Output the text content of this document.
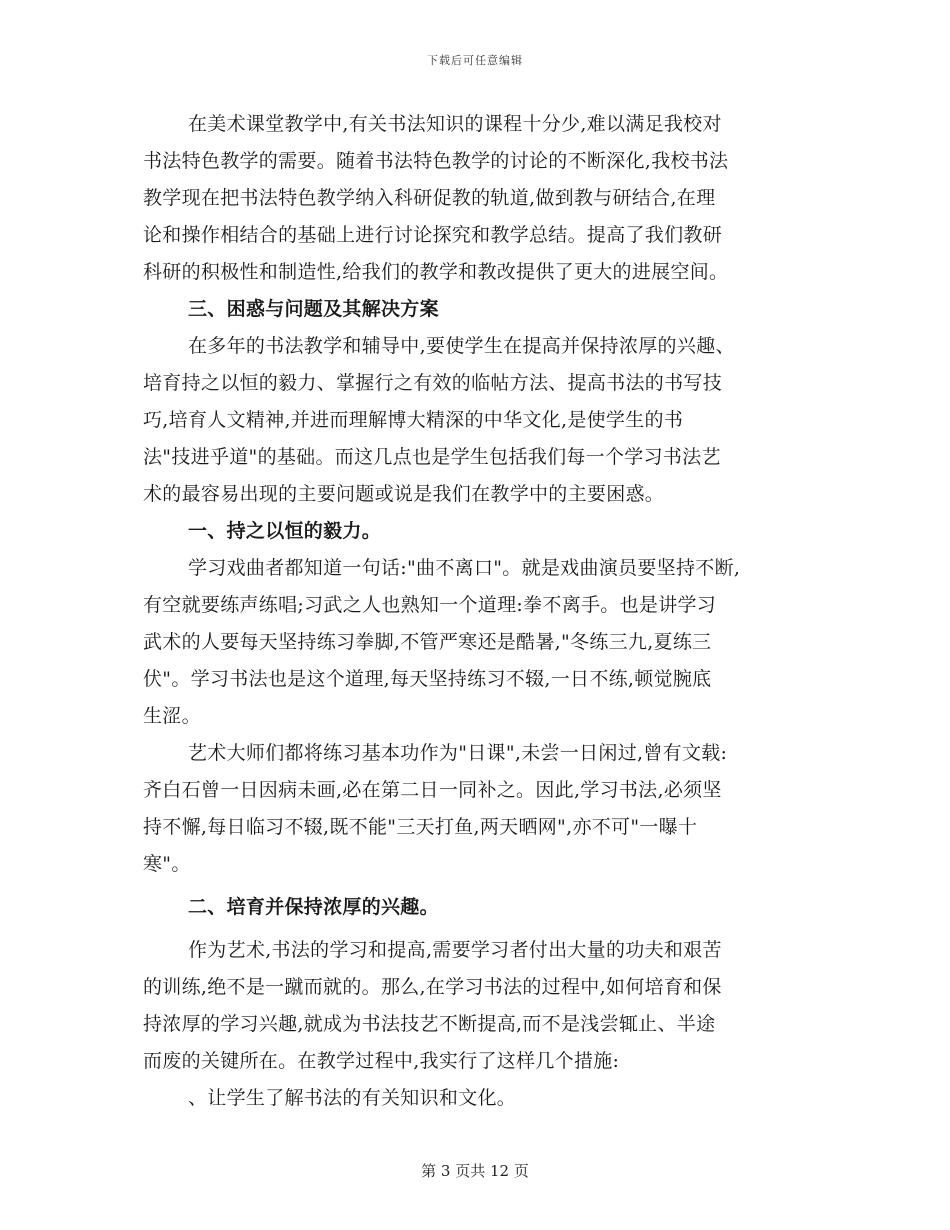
下载后可任意编辑
在美术课堂教学中,有关书法知识的课程十分少,难以满足我校对
书法特色教学的需要。随着书法特色教学的讨论的不断深化,我校书法
教学现在把书法特色教学纳入科研促教的轨道,做到教与研结合,在理
论和操作相结合的基础上进行讨论探究和教学总结。提高了我们教研
科研的积极性和制造性,给我们的教学和教改提供了更大的进展空间。
三、困惑与问题及其解决方案
在多年的书法教学和辅导中,要使学生在提高并保持浓厚的兴趣、
培育持之以恒的毅力、掌握行之有效的临帖方法、提高书法的书写技
巧,培育人文精神,并进而理解博大精深的中华文化,是使学生的书
法"技进乎道"的基础。而这几点也是学生包括我们每一个学习书法艺
术的最容易出现的主要问题或说是我们在教学中的主要困惑。
一、持之以恒的毅力。
学习戏曲者都知道一句话:"曲不离口"。就是戏曲演员要坚持不断,
有空就要练声练唱;习武之人也熟知一个道理:拳不离手。也是讲学习
武术的人要每天坚持练习拳脚,不管严寒还是酷暑,"冬练三九,夏练三
伏"。学习书法也是这个道理,每天坚持练习不辍,一日不练,顿觉腕底
生涩。
艺术大师们都将练习基本功作为"日课",未尝一日闲过,曾有文载:
齐白石曾一日因病未画,必在第二日一同补之。因此,学习书法,必须坚
持不懈,每日临习不辍,既不能"三天打鱼,两天晒网",亦不可"一曝十
寒"。
二、培育并保持浓厚的兴趣。
作为艺术,书法的学习和提高,需要学习者付出大量的功夫和艰苦
的训练,绝不是一蹴而就的。那么,在学习书法的过程中,如何培育和保
持浓厚的学习兴趣,就成为书法技艺不断提高,而不是浅尝辄止、半途
而废的关键所在。在教学过程中,我实行了这样几个措施:
、让学生了解书法的有关知识和文化。
第 3 页共 12 页
